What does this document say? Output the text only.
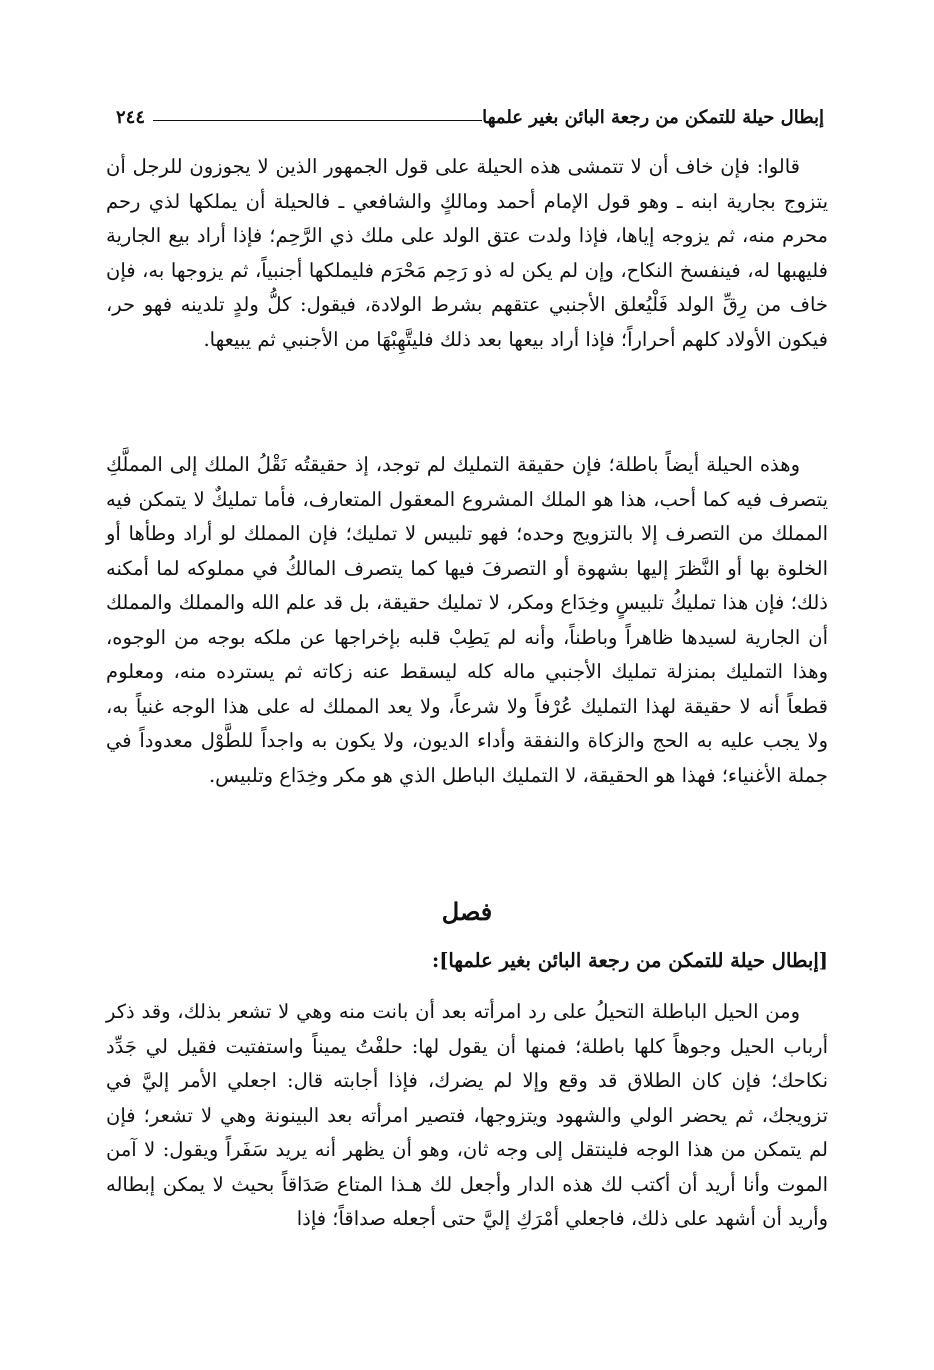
إبطال حيلة للتمكن من رجعة البائن بغير علمها
٢٤٤

قالوا: فإن خاف أن لا تتمشى هذه الحيلة على قول الجمهور الذين لا يجوزون للرجل أن يتزوج بجارية ابنه ـ وهو قول الإمام أحمد ومالكٍ والشافعي ـ فالحيلة أن يملكها لذي رحم محرم منه، ثم يزوجه إياها، فإذا ولدت عتق الولد على ملك ذي الرَّحِم؛ فإذا أراد بيع الجارية فليهبها له، فينفسخ النكاح، وإن لم يكن له ذو رَحِم مَحْرَم فليملكها أجنبياً، ثم يزوجها به، فإن خاف من رِقِّ الولد فَلْيُعلق الأجنبي عتقهم بشرط الولادة، فيقول: كلُّ ولدٍ تلدينه فهو حر، فيكون الأولاد كلهم أحراراً؛ فإذا أراد بيعها بعد ذلك فليتَّهِبْهَا من الأجنبي ثم يبيعها.

وهذه الحيلة أيضاً باطلة؛ فإن حقيقة التمليك لم توجد، إذ حقيقتُه نَقْلُ الملك إلى المملَّكِ يتصرف فيه كما أحب، هذا هو الملك المشروع المعقول المتعارف، فأما تمليكٌ لا يتمكن فيه المملك من التصرف إلا بالتزويج وحده؛ فهو تلبيس لا تمليك؛ فإن المملك لو أراد وطأها أو الخلوة بها أو النَّظرَ إليها بشهوة أو التصرفَ فيها كما يتصرف المالكُ في مملوكه لما أمكنه ذلك؛ فإن هذا تمليكُ تلبيسٍ وخِدَاع ومكر، لا تمليك حقيقة، بل قد علم الله والمملك والمملك أن الجارية لسيدها ظاهراً وباطناً، وأنه لم يَطِبْ قلبه بإخراجها عن ملكه بوجه من الوجوه، وهذا التمليك بمنزلة تمليك الأجنبي ماله كله ليسقط عنه زكاته ثم يسترده منه، ومعلوم قطعاً أنه لا حقيقة لهذا التمليك عُرْفاً ولا شرعاً، ولا يعد المملك له على هذا الوجه غنياً به، ولا يجب عليه به الحج والزكاة والنفقة وأداء الديون، ولا يكون به واجداً للطَّوْل معدوداً في جملة الأغنياء؛ فهذا هو الحقيقة، لا التمليك الباطل الذي هو مكر وخِدَاع وتلبيس.

فصل
[إبطال حيلة للتمكن من رجعة البائن بغير علمها]:

ومن الحيل الباطلة التحيلُ على رد امرأته بعد أن بانت منه وهي لا تشعر بذلك، وقد ذكر أرباب الحيل وجوهاً كلها باطلة؛ فمنها أن يقول لها: حلفْتُ يميناً واستفتيت فقيل لي جَدِّد نكاحك؛ فإن كان الطلاق قد وقع وإلا لم يضرك، فإذا أجابته قال: اجعلي الأمر إليَّ في تزويجك، ثم يحضر الولي والشهود ويتزوجها، فتصير امرأته بعد البينونة وهي لا تشعر؛ فإن لم يتمكن من هذا الوجه فلينتقل إلى وجه ثان، وهو أن يظهر أنه يريد سَفَراً ويقول: لا آمن الموت وأنا أريد أن أكتب لك هذه الدار وأجعل لك هـذا المتاع صَدَاقاً بحيث لا يمكن إبطاله وأريد أن أشهد على ذلك، فاجعلي أمْرَكِ إليَّ حتى أجعله صداقاً؛ فإذا
